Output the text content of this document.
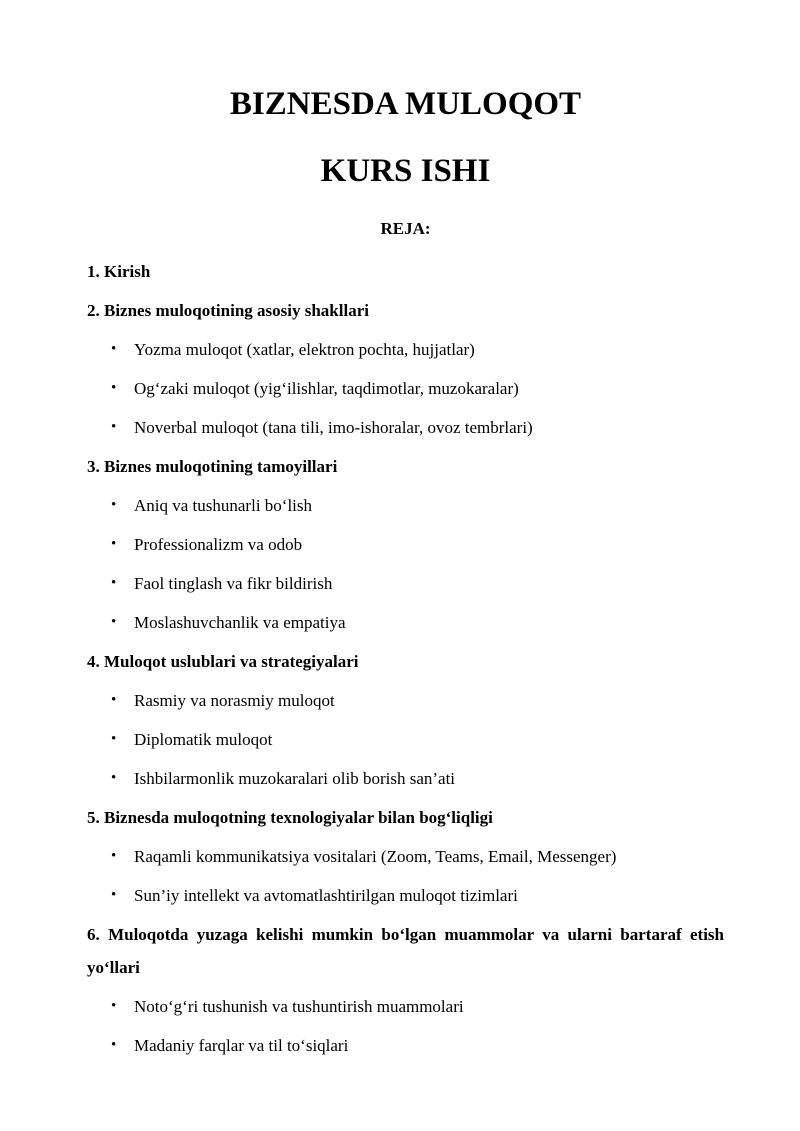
BIZNESDA MULOQOT
KURS ISHI
REJA:
1. Kirish
2. Biznes muloqotining asosiy shakllari
• Yozma muloqot (xatlar, elektron pochta, hujjatlar)
• Og‘zaki muloqot (yig‘ilishlar, taqdimotlar, muzokaralar)
• Noverbal muloqot (tana tili, imo-ishoralar, ovoz tembrlari)
3. Biznes muloqotining tamoyillari
• Aniq va tushunarli bo‘lish
• Professionalizm va odob
• Faol tinglash va fikr bildirish
• Moslashuvchanlik va empatiya
4. Muloqot uslublari va strategiyalari
• Rasmiy va norasmiy muloqot
• Diplomatik muloqot
• Ishbilarmonlik muzokaralari olib borish san’ati
5. Biznesda muloqotning texnologiyalar bilan bog‘liqligi
• Raqamli kommunikatsiya vositalari (Zoom, Teams, Email, Messenger)
• Sun’iy intellekt va avtomatlashtirilgan muloqot tizimlari
6. Muloqotda yuzaga kelishi mumkin bo‘lgan muammolar va ularni bartaraf etish yo‘llari
• Noto‘g‘ri tushunish va tushuntirish muammolari
• Madaniy farqlar va til to‘siqlari
